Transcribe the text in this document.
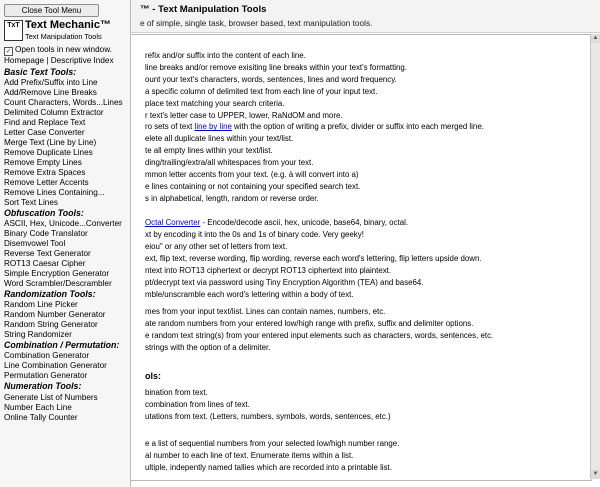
™ - Text Manipulation Tools
e of simple, single task, browser based, text manipulation tools.
refix and/or suffix into the content of each line.
line breaks and/or remove exisiting line breaks within your text's formatting.
ount your text's characters, words, sentences, lines and word frequency.
a specific column of delimited text from each line of your input text.
place text matching your search criteria.
r text's letter case to UPPER, lower, RaNdOM and more.
ro sets of text line by line with the option of writing a prefix, divider or suffix into each merged line.
elete all duplicate lines within your text/list.
te all empty lines within your text/list.
ding/trailing/extra/all whitespaces from your text.
mmon letter accents from your text. (e.g. à will convert into a)
e lines containing or not containing your specified search text.
s in alphabetical, length, random or reverse order.
Octal Converter - Encode/decode ascii, hex, unicode, base64, binary, octal.
xt by encoding it into the 0s and 1s of binary code. Very geeky!
eiou" or any other set of letters from text.
ext, flip text, reverse wording, flip wording, reverse each word's lettering, flip letters upside down.
ntext into ROT13 ciphertext or decrypt ROT13 ciphertext into plaintext.
pt/decrypt text via password using Tiny Encryption Algorithm (TEA) and base64.
mble/unscramble each word's lettering within a body of text.
mes from your input text/list. Lines can contain names, numbers, etc.
ate random numbers from your entered low/high range with prefix, suffix and delimiter options.
e random text string(s) from your entered input elements such as characters, words, sentences, etc.
strings with the option of a delimiter.
ols:
bination from text.
combination from lines of text.
utations from text. (Letters, numbers, symbols, words, sentences, etc.)
e a list of sequential numbers from your selected low/high number range.
al number to each line of text. Enumerate items within a list.
ultiple, indepently named tallies which are recorded into a printable list.
▲
▼
Close Tool Menu
TxT Text Mechanic™
Text Manipulation Tools
✓ Open tools in new window.
Homepage | Descriptive Index
Basic Text Tools:
Add Prefix/Suffix into Line
Add/Remove Line Breaks
Count Characters, Words...Lines
Delimited Column Extractor
Find and Replace Text
Letter Case Converter
Merge Text (Line by Line)
Remove Duplicate Lines
Remove Empty Lines
Remove Extra Spaces
Remove Letter Accents
Remove Lines Containing...
Sort Text Lines
Obfuscation Tools:
ASCII, Hex, Unicode...Converter
Binary Code Translator
Disemvowel Tool
Reverse Text Generator
ROT13 Caesar Cipher
Simple Encryption Generator
Word Scrambler/Descrambler
Randomization Tools:
Random Line Picker
Random Number Generator
Random String Generator
String Randomizer
Combination / Permutation:
Combination Generator
Line Combination Generator
Permutation Generator
Numeration Tools:
Generate List of Numbers
Number Each Line
Online Tally Counter
